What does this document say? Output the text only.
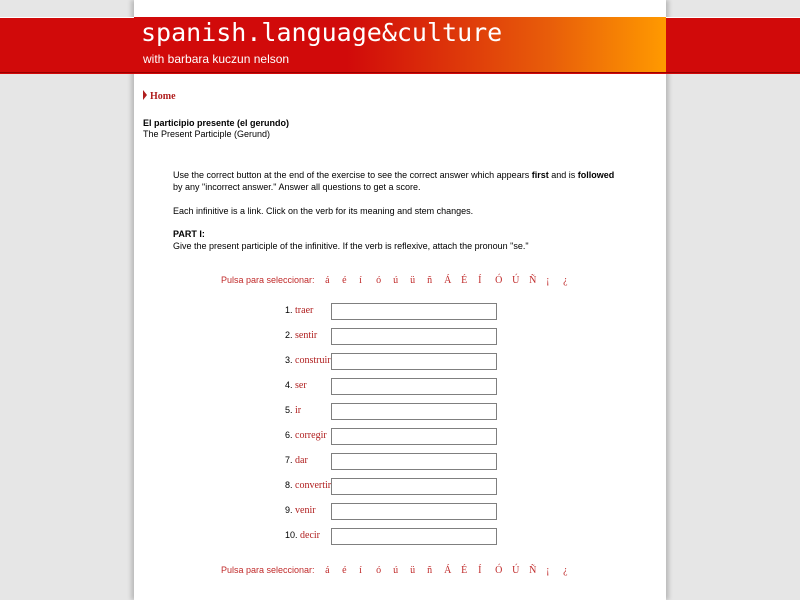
spanish.language&culture
with barbara kuczun nelson
Home
El participio presente (el gerundo)
The Present Participle (Gerund)
Use the correct button at the end of the exercise to see the correct answer which appears first and is followed by any "incorrect answer." Answer all questions to get a score.
Each infinitive is a link. Click on the verb for its meaning and stem changes.
PART I:
Give the present participle of the infinitive. If the verb is reflexive, attach the pronoun "se."
Pulsa para seleccionar: á é í ó ú ü ñ Á É Í Ó Ú Ñ ¡ ¿
1. traer
2. sentir
3. construir
4. ser
5. ir
6. corregir
7. dar
8. convertir
9. venir
10. decir
Pulsa para seleccionar: á é í ó ú ü ñ Á É Í Ó Ú Ñ ¡ ¿
